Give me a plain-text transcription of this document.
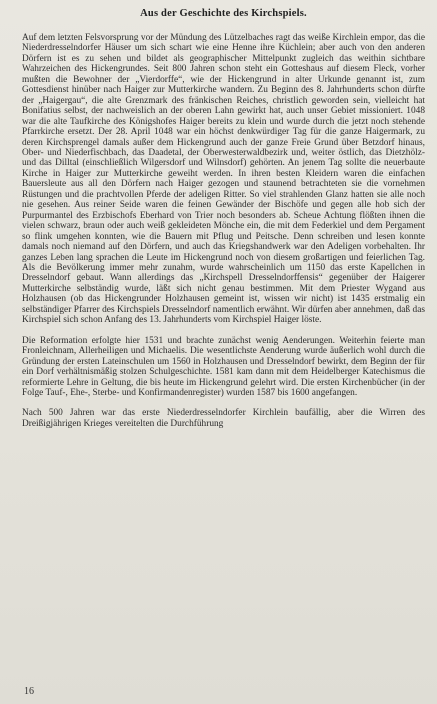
Aus der Geschichte des Kirchspiels.

Auf dem letzten Felsvorsprung vor der Mündung des Lützelbaches ragt das weiße Kirchlein empor, das die Niederdresselndorfer Häuser um sich schart wie eine Henne ihre Küchlein; aber auch von den anderen Dörfern ist es zu sehen und bildet als geographischer Mittelpunkt zugleich das weithin sichtbare Wahrzeichen des Hickengrundes. Seit 800 Jahren schon steht ein Gotteshaus auf diesem Fleck, vorher mußten die Bewohner der „Vierdorffe“, wie der Hickengrund in alter Urkunde genannt ist, zum Gottesdienst hinüber nach Haiger zur Mutterkirche wandern. Zu Beginn des 8. Jahrhunderts schon dürfte der „Haigergau“, die alte Grenzmark des fränkischen Reiches, christlich geworden sein, vielleicht hat Bonifatius selbst, der nachweislich an der oberen Lahn gewirkt hat, auch unser Gebiet missioniert. 1048 war die alte Taufkirche des Königshofes Haiger bereits zu klein und wurde durch die jetzt noch stehende Pfarrkirche ersetzt. Der 28. April 1048 war ein höchst denkwürdiger Tag für die ganze Haigermark, zu deren Kirchsprengel damals außer dem Hickengrund auch der ganze Freie Grund über Betzdorf hinaus, Ober- und Niederfischbach, das Daadetal, der Oberwesterwaldbezirk und, weiter östlich, das Dietzhölz- und das Dilltal (einschließlich Wilgersdorf und Wilnsdorf) gehörten. An jenem Tag sollte die neuerbaute Kirche in Haiger zur Mutterkirche geweiht werden. In ihren besten Kleidern waren die einfachen Bauersleute aus all den Dörfern nach Haiger gezogen und staunend betrachteten sie die vornehmen Rüstungen und die prachtvollen Pferde der adeligen Ritter. So viel strahlenden Glanz hatten sie alle noch nie gesehen. Aus reiner Seide waren die feinen Gewänder der Bischöfe und gegen alle hob sich der Purpurmantel des Erzbischofs Eberhard von Trier noch besonders ab. Scheue Achtung flößten ihnen die vielen schwarz, braun oder auch weiß gekleideten Mönche ein, die mit dem Federkiel und dem Pergament so flink umgehen konnten, wie die Bauern mit Pflug und Peitsche. Denn schreiben und lesen konnte damals noch niemand auf den Dörfern, und auch das Kriegshandwerk war den Adeligen vorbehalten. Ihr ganzes Leben lang sprachen die Leute im Hickengrund noch von diesem großartigen und feierlichen Tag. Als die Bevölkerung immer mehr zunahm, wurde wahrscheinlich um 1150 das erste Kapellchen in Dresselndorf gebaut. Wann allerdings das „Kirchspell Dresselndorffensis“ gegenüber der Haigerer Mutterkirche selbständig wurde, läßt sich nicht genau bestimmen. Mit dem Priester Wygand aus Holzhausen (ob das Hickengrunder Holzhausen gemeint ist, wissen wir nicht) ist 1435 erstmalig ein selbständiger Pfarrer des Kirchspiels Dresselndorf namentlich erwähnt. Wir dürfen aber annehmen, daß das Kirchspiel sich schon Anfang des 13. Jahrhunderts vom Kirchspiel Haiger löste.

Die Reformation erfolgte hier 1531 und brachte zunächst wenig Aenderungen. Weiterhin feierte man Fronleichnam, Allerheiligen und Michaelis. Die wesentlichste Aenderung wurde äußerlich wohl durch die Gründung der ersten Lateinschulen um 1560 in Holzhausen und Dresselndorf bewirkt, dem Beginn der für ein Dorf verhältnismäßig stolzen Schulgeschichte. 1581 kam dann mit dem Heidelberger Katechismus die reformierte Lehre in Geltung, die bis heute im Hickengrund gelehrt wird. Die ersten Kirchenbücher (in der Folge Tauf-, Ehe-, Sterbe- und Konfirmandenregister) wurden 1587 bis 1600 angefangen.

Nach 500 Jahren war das erste Niederdresselndorfer Kirchlein baufällig, aber die Wirren des Dreißigjährigen Krieges vereitelten die Durchführung

16
